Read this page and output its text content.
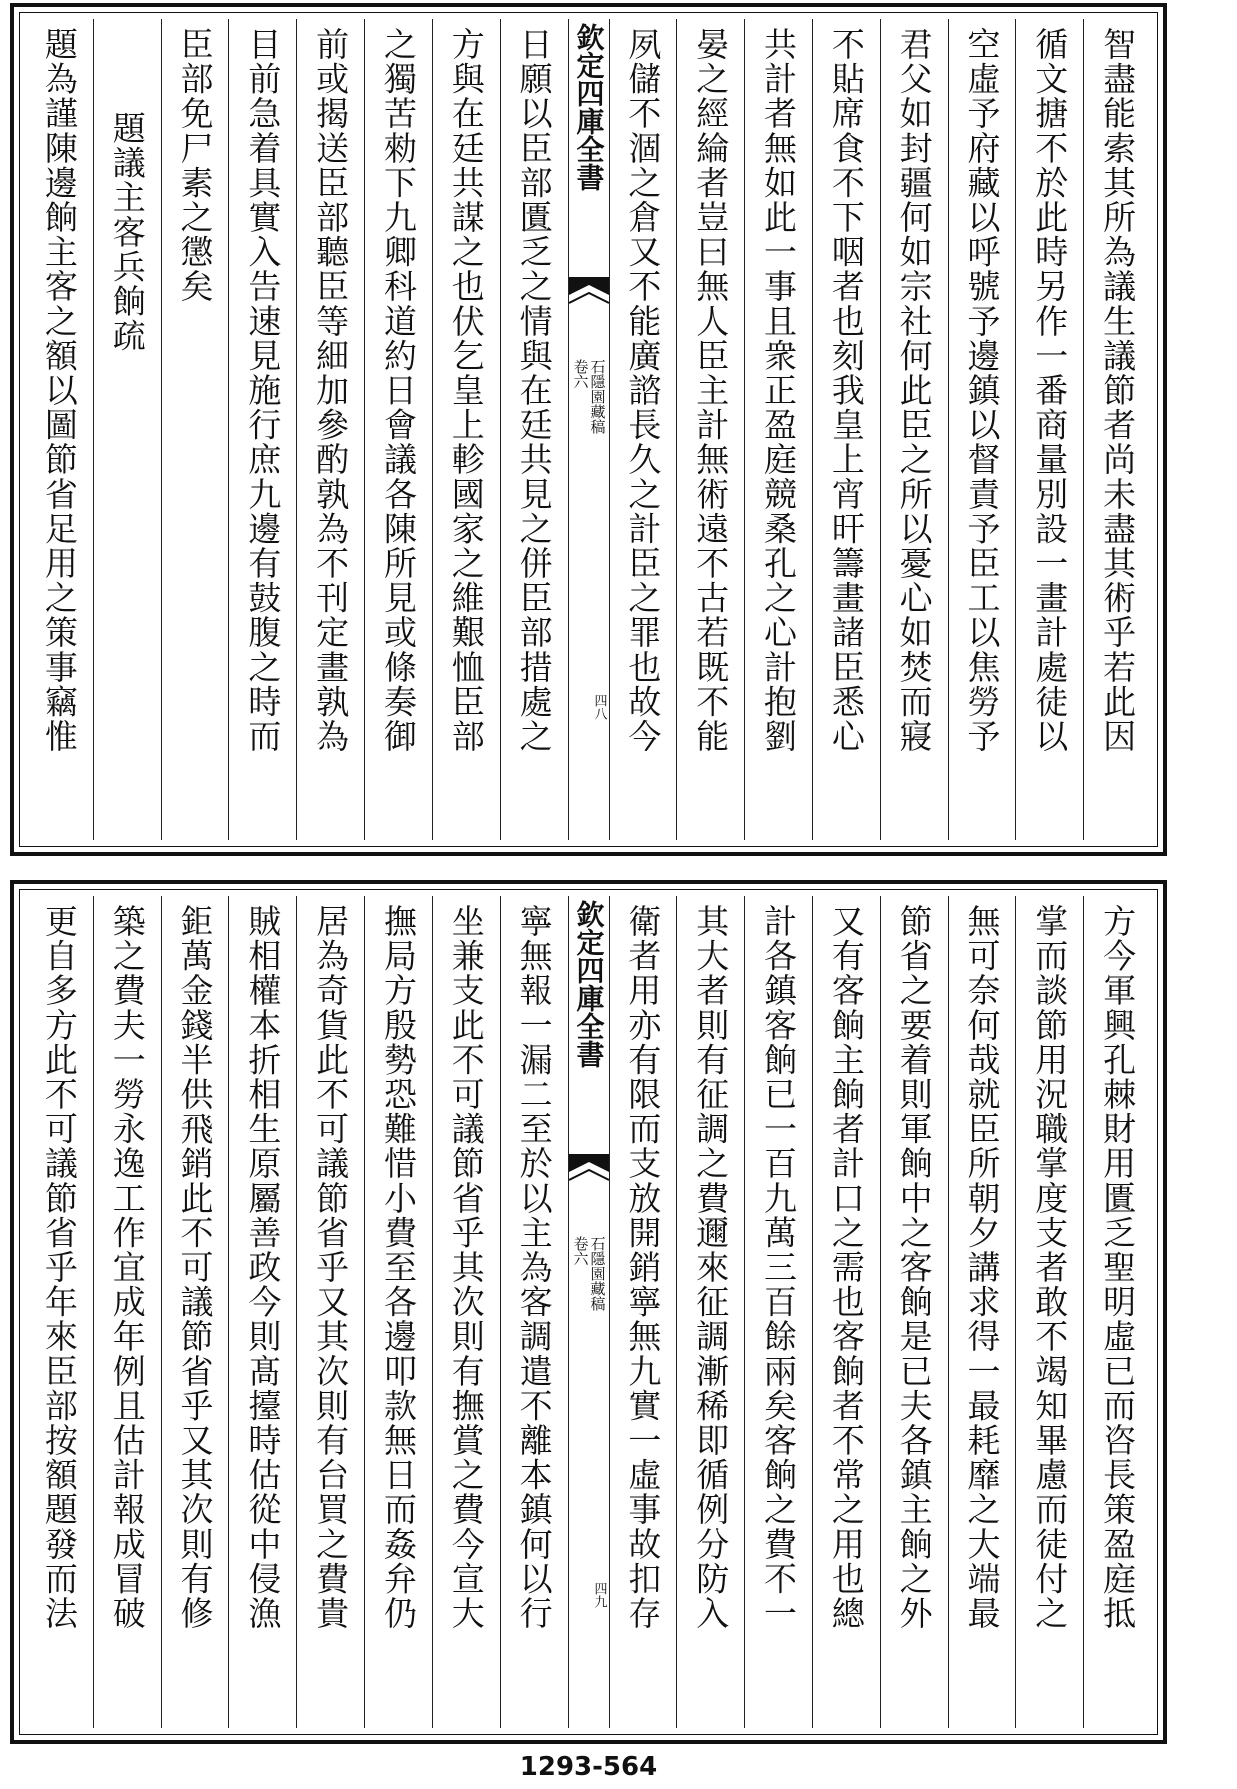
智盡能索其所為議生議節者尚未盡其術乎若此因
循文搪不於此時另作一番商量別設一畫計處徒以
空虛予府藏以呼號予邊鎮以督責予臣工以焦勞予
君父如封疆何如宗社何此臣之所以憂心如焚而寢
不貼席食不下咽者也刻我皇上宵旰籌畫諸臣悉心
共計者無如此一事且衆正盈庭競桑孔之心計抱劉
晏之經綸者豈曰無人臣主計無術遠不古若既不能
夙儲不涸之倉又不能廣諮長久之計臣之罪也故今
欽定四庫全書
石隱園藏稿
卷六
四八
日願以臣部匱乏之情與在廷共見之併臣部措處之
方與在廷共謀之也伏乞皇上軫國家之維艱恤臣部
之獨苦勑下九卿科道約日會議各陳所見或條奏御
前或揭送臣部聽臣等細加參酌孰為不刊定畫孰為
目前急着具實入告速見施行庶九邊有鼓腹之時而
臣部免尸素之懲矣
題議主客兵餉疏
題為謹陳邊餉主客之額以圖節省足用之策事竊惟
方今軍興孔棘財用匱乏聖明虛已而咨長策盈庭抵
掌而談節用況職掌度支者敢不竭知畢慮而徒付之
無可奈何哉就臣所朝夕講求得一最耗靡之大端最
節省之要着則軍餉中之客餉是已夫各鎮主餉之外
又有客餉主餉者計口之需也客餉者不常之用也總
計各鎮客餉已一百九萬三百餘兩矣客餉之費不一
其大者則有征調之費邇來征調漸稀即循例分防入
衛者用亦有限而支放開銷寧無九實一虛事故扣存
欽定四庫全書
石隱園藏稿
卷六
四九
寧無報一漏二至於以主為客調遣不離本鎮何以行
坐兼支此不可議節省乎其次則有撫賞之費今宣大
撫局方殷勢恐難惜小費至各邊叩款無日而姦弁仍
居為奇貨此不可議節省乎又其次則有台買之費貴
賊相權本折相生原屬善政今則髙擡時估從中侵漁
鉅萬金錢半供飛銷此不可議節省乎又其次則有修
築之費夫一勞永逸工作宜成年例且估計報成冒破
更自多方此不可議節省乎年來臣部按額題發而法
1293-564
